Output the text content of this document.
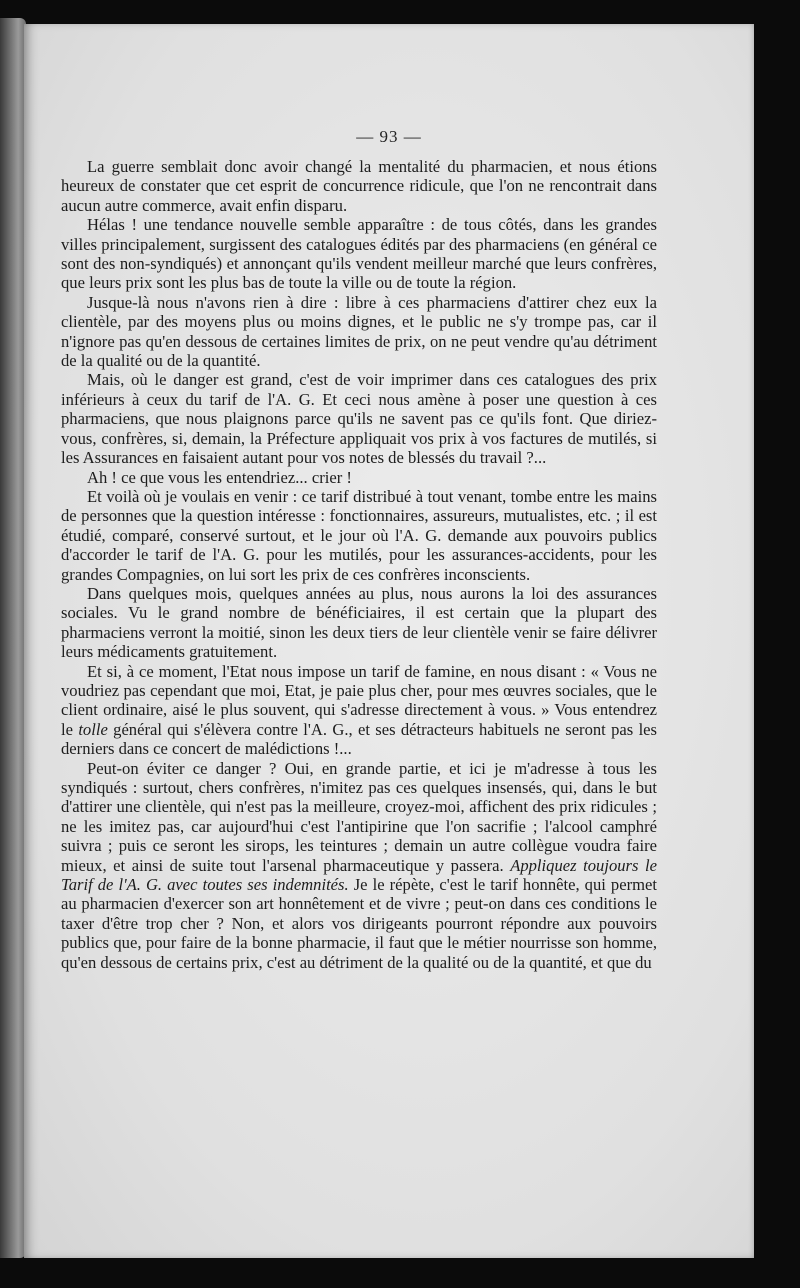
— 93 —

La guerre semblait donc avoir changé la mentalité du pharmacien, et nous étions heureux de constater que cet esprit de concurrence ridicule, que l'on ne rencontrait dans aucun autre commerce, avait enfin disparu.

Hélas ! une tendance nouvelle semble apparaître : de tous côtés, dans les grandes villes principalement, surgissent des catalogues édités par des pharmaciens (en général ce sont des non-syndiqués) et annonçant qu'ils vendent meilleur marché que leurs confrères, que leurs prix sont les plus bas de toute la ville ou de toute la région.

Jusque-là nous n'avons rien à dire : libre à ces pharmaciens d'attirer chez eux la clientèle, par des moyens plus ou moins dignes, et le public ne s'y trompe pas, car il n'ignore pas qu'en dessous de certaines limites de prix, on ne peut vendre qu'au détriment de la qualité ou de la quantité.

Mais, où le danger est grand, c'est de voir imprimer dans ces catalogues des prix inférieurs à ceux du tarif de l'A. G. Et ceci nous amène à poser une question à ces pharmaciens, que nous plaignons parce qu'ils ne savent pas ce qu'ils font. Que diriez-vous, confrères, si, demain, la Préfecture appliquait vos prix à vos factures de mutilés, si les Assurances en faisaient autant pour vos notes de blessés du travail ?...

Ah ! ce que vous les entendriez... crier !

Et voilà où je voulais en venir : ce tarif distribué à tout venant, tombe entre les mains de personnes que la question intéresse : fonctionnaires, assureurs, mutualistes, etc. ; il est étudié, comparé, conservé surtout, et le jour où l'A. G. demande aux pouvoirs publics d'accorder le tarif de l'A. G. pour les mutilés, pour les assurances-accidents, pour les grandes Compagnies, on lui sort les prix de ces confrères inconscients.

Dans quelques mois, quelques années au plus, nous aurons la loi des assurances sociales. Vu le grand nombre de bénéficiaires, il est certain que la plupart des pharmaciens verront la moitié, sinon les deux tiers de leur clientèle venir se faire délivrer leurs médicaments gratuitement.

Et si, à ce moment, l'Etat nous impose un tarif de famine, en nous disant : « Vous ne voudriez pas cependant que moi, Etat, je paie plus cher, pour mes œuvres sociales, que le client ordinaire, aisé le plus souvent, qui s'adresse directement à vous. » Vous entendrez le tolle général qui s'élèvera contre l'A. G., et ses détracteurs habituels ne seront pas les derniers dans ce concert de malédictions !...

Peut-on éviter ce danger ? Oui, en grande partie, et ici je m'adresse à tous les syndiqués : surtout, chers confrères, n'imitez pas ces quelques insensés, qui, dans le but d'attirer une clientèle, qui n'est pas la meilleure, croyez-moi, affichent des prix ridicules ; ne les imitez pas, car aujourd'hui c'est l'antipirine que l'on sacrifie ; l'alcool camphré suivra ; puis ce seront les sirops, les teintures ; demain un autre collègue voudra faire mieux, et ainsi de suite tout l'arsenal pharmaceutique y passera. Appliquez toujours le Tarif de l'A. G. avec toutes ses indemnités. Je le répète, c'est le tarif honnête, qui permet au pharmacien d'exercer son art honnêtement et de vivre ; peut-on dans ces conditions le taxer d'être trop cher ? Non, et alors vos dirigeants pourront répondre aux pouvoirs publics que, pour faire de la bonne pharmacie, il faut que le métier nourrisse son homme, qu'en dessous de certains prix, c'est au détriment de la qualité ou de la quantité, et que du
